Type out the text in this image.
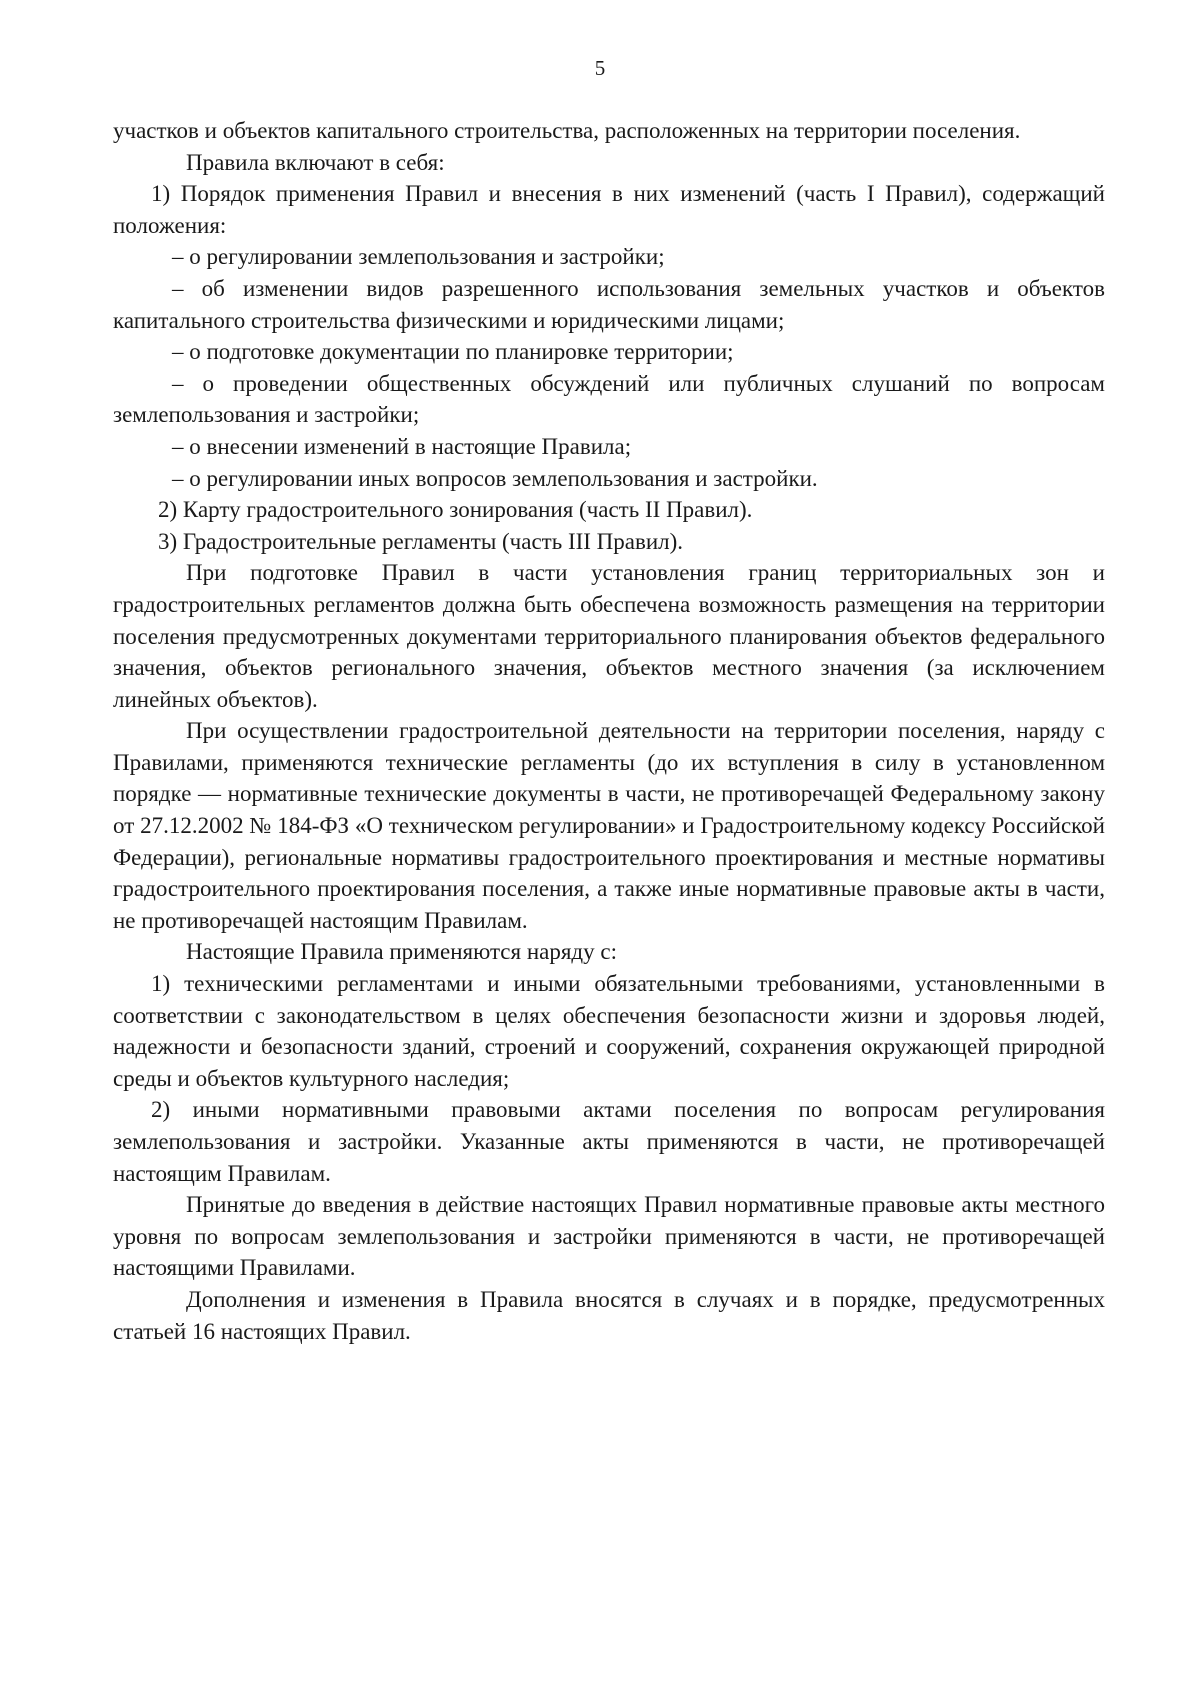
5

участков и объектов капитального строительства, расположенных на территории поселения.

Правила включают в себя:

1) Порядок применения Правил и внесения в них изменений (часть I Правил), содержащий положения:

– о регулировании землепользования и застройки;

– об изменении видов разрешенного использования земельных участков и объектов капитального строительства физическими и юридическими лицами;

– о подготовке документации по планировке территории;

– о проведении общественных обсуждений или публичных слушаний по вопросам землепользования и застройки;

– о внесении изменений в настоящие Правила;

– о регулировании иных вопросов землепользования и застройки.

2) Карту градостроительного зонирования (часть II Правил).

3) Градостроительные регламенты (часть III Правил).

При подготовке Правил в части установления границ территориальных зон и градостроительных регламентов должна быть обеспечена возможность размещения на территории поселения предусмотренных документами территориального планирования объектов федерального значения, объектов регионального значения, объектов местного значения (за исключением линейных объектов).

При осуществлении градостроительной деятельности на территории поселения, наряду с Правилами, применяются технические регламенты (до их вступления в силу в установленном порядке — нормативные технические документы в части, не противоречащей Федеральному закону от 27.12.2002 № 184-ФЗ «О техническом регулировании» и Градостроительному кодексу Российской Федерации), региональные нормативы градостроительного проектирования и местные нормативы градостроительного проектирования поселения, а также иные нормативные правовые акты в части, не противоречащей настоящим Правилам.

Настоящие Правила применяются наряду с:

1) техническими регламентами и иными обязательными требованиями, установленными в соответствии с законодательством в целях обеспечения безопасности жизни и здоровья людей, надежности и безопасности зданий, строений и сооружений, сохранения окружающей природной среды и объектов культурного наследия;

2) иными нормативными правовыми актами поселения по вопросам регулирования землепользования и застройки. Указанные акты применяются в части, не противоречащей настоящим Правилам.

Принятые до введения в действие настоящих Правил нормативные правовые акты местного уровня по вопросам землепользования и застройки применяются в части, не противоречащей настоящими Правилами.

Дополнения и изменения в Правила вносятся в случаях и в порядке, предусмотренных статьей 16 настоящих Правил.
